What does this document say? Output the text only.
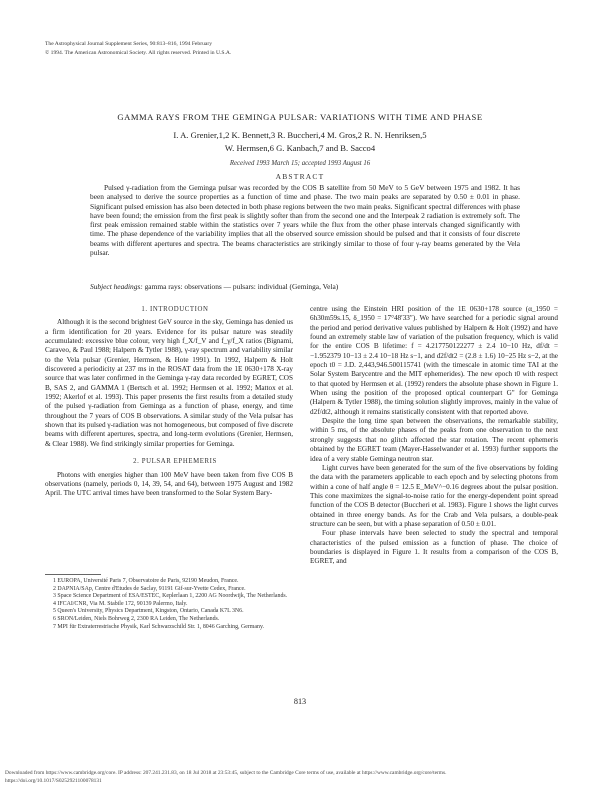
The Astrophysical Journal Supplement Series, 90:813–816, 1994 February
© 1994. The American Astronomical Society. All rights reserved. Printed in U.S.A.
GAMMA RAYS FROM THE GEMINGA PULSAR: VARIATIONS WITH TIME AND PHASE
I. A. Grenier,1,2 K. Bennett,3 R. Buccheri,4 M. Gros,2 R. N. Henriksen,5
W. Hermsen,6 G. Kanbach,7 and B. Sacco4
Received 1993 March 15; accepted 1993 August 16
ABSTRACT

Pulsed γ-radiation from the Geminga pulsar was recorded by the COS B satellite from 50 MeV to 5 GeV between 1975 and 1982. It has been analysed to derive the source properties as a function of time and phase. The two main peaks are separated by 0.50 ± 0.01 in phase. Significant pulsed emission has also been detected in both phase regions between the two main peaks. Significant spectral differences with phase have been found; the emission from the first peak is slightly softer than from the second one and the Interpeak 2 radiation is extremely soft. The first peak emission remained stable within the statistics over 7 years while the flux from the other phase intervals changed significantly with time. The phase dependence of the variability implies that all the observed source emission should be pulsed and that it consists of four discrete beams with different apertures and spectra. The beams characteristics are strikingly similar to those of four γ-ray beams generated by the Vela pulsar.

Subject headings: gamma rays: observations — pulsars: individual (Geminga, Vela)

1. INTRODUCTION

Although it is the second brightest GeV source in the sky, Geminga has denied us a firm identification for 20 years. Evidence for its pulsar nature was steadily accumulated: excessive blue colour, very high f_X/f_V and f_γ/f_X ratios (Bignami, Caraveo, & Paul 1988; Halpern & Tytler 1988), γ-ray spectrum and variability similar to the Vela pulsar (Grenier, Hermsen, & Hote 1991). In 1992, Halpern & Holt discovered a periodicity at 237 ms in the ROSAT data from the 1E 0630+178 X-ray source that was later confirmed in the Geminga γ-ray data recorded by EGRET, COS B, SAS 2, and GAMMA 1 (Bertsch et al. 1992; Hermsen et al. 1992; Mattox et al. 1992; Akerlof et al. 1993). This paper presents the first results from a detailed study of the pulsed γ-radiation from Geminga as a function of phase, energy, and time throughout the 7 years of COS B observations. A similar study of the Vela pulsar has shown that its pulsed γ-radiation was not homogeneous, but composed of five discrete beams with different apertures, spectra, and long-term evolutions (Grenier, Hermsen, & Clear 1988). We find strikingly similar properties for Geminga.

2. PULSAR EPHEMERIS

Photons with energies higher than 100 MeV have been taken from five COS B observations (namely, periods 0, 14, 39, 54, and 64), between 1975 August and 1982 April. The UTC arrival times have been transformed to the Solar System Bary-

1 EUROPA, Université Paris 7, Observatoire de Paris, 92190 Meudon, France.
2 DAPNIA/SAp, Centre d'Etudes de Saclay, 91191 Gif-sur-Yvette Cedex, France.
3 Space Science Department of ESA/ESTEC, Keplerlaan 1, 2200 AG Noordwijk, The Netherlands.
4 IFCAI/CNR, Via M. Stabile 172, 90139 Palermo, Italy.
5 Queen's University, Physics Department, Kingston, Ontario, Canada K7L 3N6.
6 SRON/Leiden, Niels Bohrweg 2, 2300 RA Leiden, The Netherlands.
7 MPI für Extraterrestrische Physik, Karl Schwarzschild Str. 1, 8046 Garching, Germany.

centre using the Einstein HRI position of the 1E 0630+178 source (α_1950 = 6h30m59s.15, δ_1950 = 17°48′33″). We have searched for a periodic signal around the period and period derivative values published by Halpern & Holt (1992) and have found an extremely stable law of variation of the pulsation frequency, which is valid for the entire COS B lifetime: f = 4.217750122277 ± 2.4 10−10 Hz, df/dt = −1.952379 10−13 ± 2.4 10−18 Hz s−1, and d2f/dt2 = (2.8 ± 1.6) 10−25 Hz s−2, at the epoch t0 = J.D. 2,443,946.500115741 (with the timescale in atomic time TAI at the Solar System Barycentre and the MIT ephemerides). The new epoch t0 with respect to that quoted by Hermsen et al. (1992) renders the absolute phase shown in Figure 1. When using the position of the proposed optical counterpart G" for Geminga (Halpern & Tytler 1988), the timing solution slightly improves, mainly in the value of d2f/dt2, although it remains statistically consistent with that reported above.

Despite the long time span between the observations, the remarkable stability, within 5 ms, of the absolute phases of the peaks from one observation to the next strongly suggests that no glitch affected the star rotation. The recent ephemeris obtained by the EGRET team (Mayer-Hasselwander et al. 1993) further supports the idea of a very stable Geminga neutron star.

Light curves have been generated for the sum of the five observations by folding the data with the parameters applicable to each epoch and by selecting photons from within a cone of half angle θ = 12.5 E_MeV^−0.16 degrees about the pulsar position. This cone maximizes the signal-to-noise ratio for the energy-dependent point spread function of the COS B detector (Buccheri et al. 1983). Figure 1 shows the light curves obtained in three energy bands. As for the Crab and Vela pulsars, a double-peak structure can be seen, but with a phase separation of 0.50 ± 0.01.

Four phase intervals have been selected to study the spectral and temporal characteristics of the pulsed emission as a function of phase. The choice of boundaries is displayed in Figure 1. It results from a comparison of the COS B, EGRET, and

813
Downloaded from https://www.cambridge.org/core. IP address: 207.241.231.83, on 18 Jul 2018 at 23:53:45, subject to the Cambridge Core terms of use, available at https://www.cambridge.org/core/terms.
https://doi.org/10.1017/S0252921100078131
